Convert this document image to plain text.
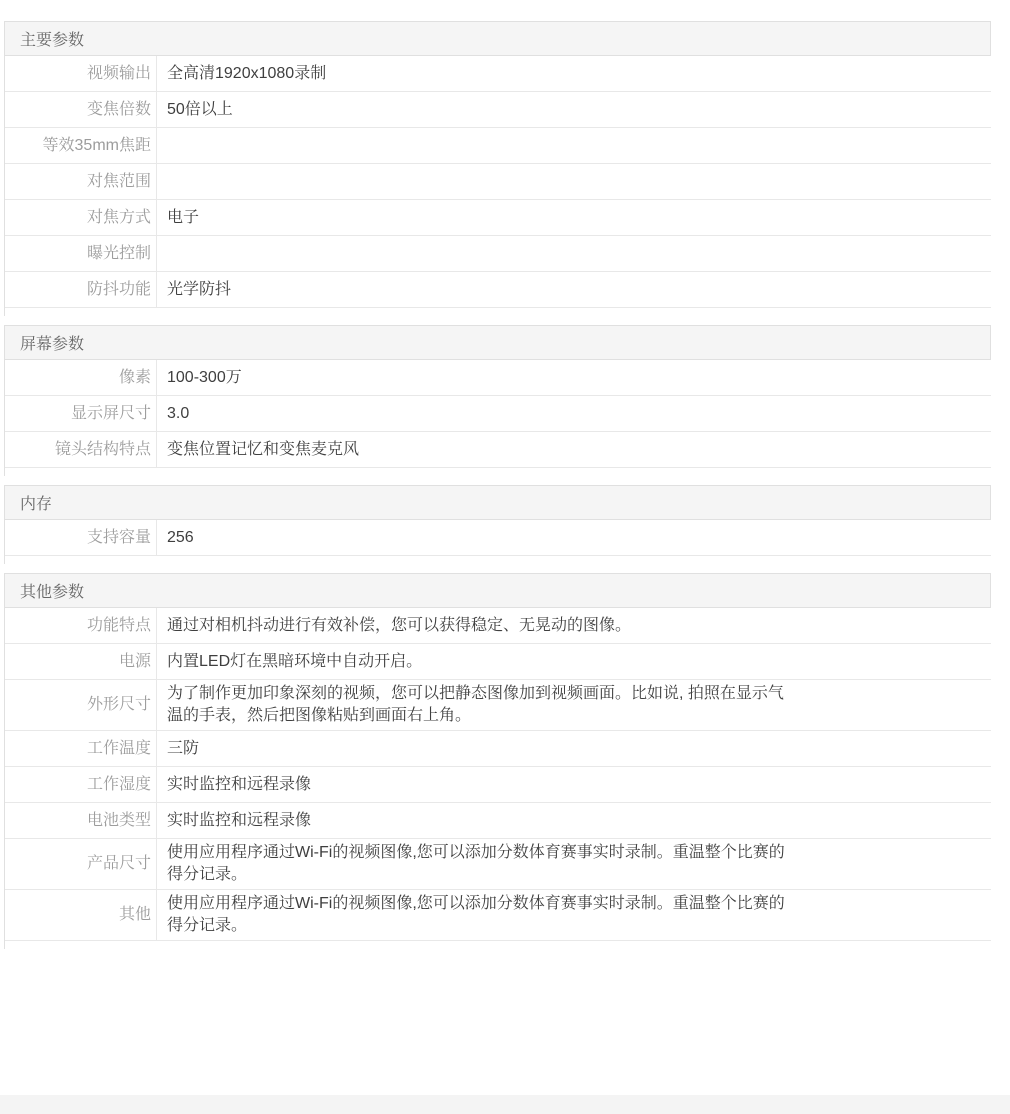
主要参数
视频输出	全高清1920x1080录制

变焦倍数	50倍以上

等效35mm焦距	

对焦范围	

对焦方式	电子

曝光控制	

防抖功能	光学防抖
屏幕参数
像素	100-300万

显示屏尺寸	3.0

镜头结构特点	变焦位置记忆和变焦麦克风
内存
支持容量	256
其他参数
功能特点	通过对相机抖动进行有效补偿，您可以获得稳定、无晃动的图像。

电源	内置LED灯在黑暗环境中自动开启。

外形尺寸	为了制作更加印象深刻的视频，您可以把静态图像加到视频画面。比如说, 拍照在显示气温的手表，然后把图像粘贴到画面右上角。

工作温度	三防

工作湿度	实时监控和远程录像

电池类型	实时监控和远程录像

产品尺寸	使用应用程序通过Wi-Fi的视频图像,您可以添加分数体育赛事实时录制。重温整个比赛的得分记录。

其他	使用应用程序通过Wi-Fi的视频图像,您可以添加分数体育赛事实时录制。重温整个比赛的得分记录。
